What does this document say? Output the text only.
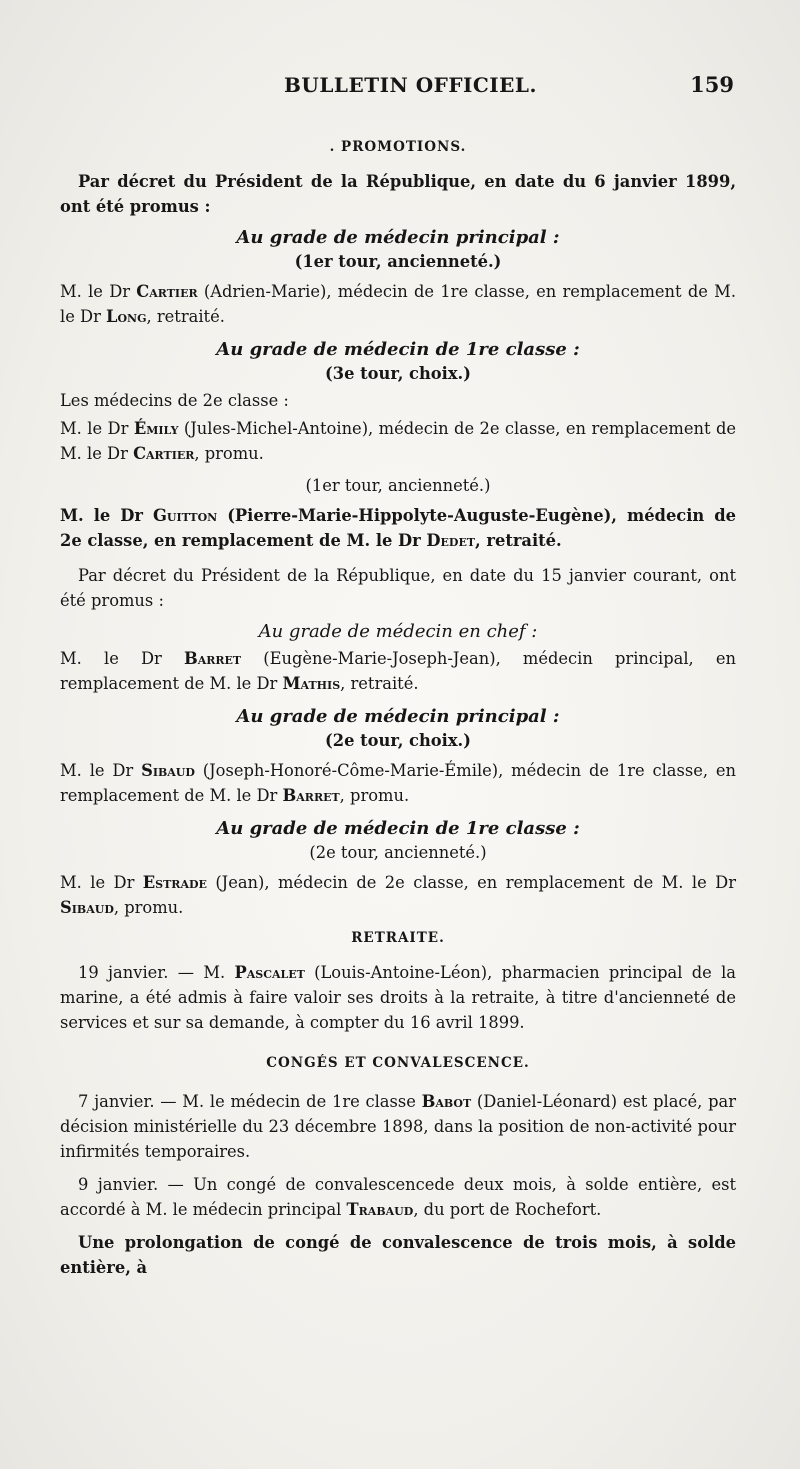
BULLETIN OFFICIEL.	159
. PROMOTIONS.

Par décret du Président de la République, en date du 6 janvier 1899, ont été promus :

Au grade de médecin principal :
(1er tour, ancienneté.)

M. le Dr Cartier (Adrien-Marie), médecin de 1re classe, en remplacement de M. le Dr Long, retraité.

Au grade de médecin de 1re classe :
(3e tour, choix.)

Les médecins de 2e classe :

M. le Dr Émily (Jules-Michel-Antoine), médecin de 2e classe, en remplacement de M. le Dr Cartier, promu.

(1er tour, ancienneté.)

M. le Dr Guitton (Pierre-Marie-Hippolyte-Auguste-Eugène), médecin de 2e classe, en remplacement de M. le Dr Dedet, retraité.

Par décret du Président de la République, en date du 15 janvier courant, ont été promus :

Au grade de médecin en chef :

M. le Dr Barret (Eugène-Marie-Joseph-Jean), médecin principal, en remplacement de M. le Dr Mathis, retraité.

Au grade de médecin principal :
(2e tour, choix.)

M. le Dr Sibaud (Joseph-Honoré-Côme-Marie-Émile), médecin de 1re classe, en remplacement de M. le Dr Barret, promu.

Au grade de médecin de 1re classe :
(2e tour, ancienneté.)

M. le Dr Estrade (Jean), médecin de 2e classe, en remplacement de M. le Dr Sibaud, promu.

RETRAITE.

19 janvier. — M. Pascalet (Louis-Antoine-Léon), pharmacien principal de la marine, a été admis à faire valoir ses droits à la retraite, à titre d'ancienneté de services et sur sa demande, à compter du 16 avril 1899.

CONGÉS ET CONVALESCENCE.

7 janvier. — M. le médecin de 1re classe Babot (Daniel-Léonard) est placé, par décision ministérielle du 23 décembre 1898, dans la position de non-activité pour infirmités temporaires.

9 janvier. — Un congé de convalescencede deux mois, à solde entière, est accordé à M. le médecin principal Trabaud, du port de Rochefort.

Une prolongation de congé de convalescence de trois mois, à solde entière, à
